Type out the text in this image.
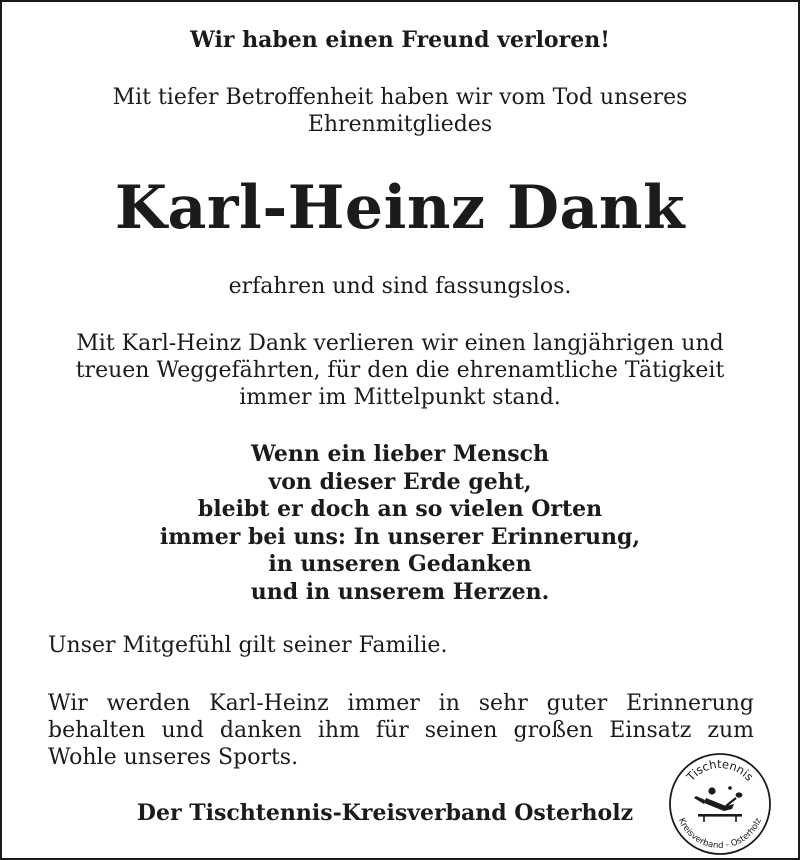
Wir haben einen Freund verloren!
Mit tiefer Betroffenheit haben wir vom Tod unseres
Ehrenmitgliedes
Karl-Heinz Dank
erfahren und sind fassungslos.
Mit Karl-Heinz Dank verlieren wir einen langjährigen und
treuen Weggefährten, für den die ehrenamtliche Tätigkeit
immer im Mittelpunkt stand.
Wenn ein lieber Mensch
von dieser Erde geht,
bleibt er doch an so vielen Orten
immer bei uns: In unserer Erinnerung,
in unseren Gedanken
und in unserem Herzen.
Unser Mitgefühl gilt seiner Familie.
Wir werden Karl-Heinz immer in sehr guter Erinnerung
behalten und danken ihm für seinen großen Einsatz zum
Wohle unseres Sports.
Der Tischtennis-Kreisverband Osterholz
Tischtennis
Kreisverband - Osterholz
